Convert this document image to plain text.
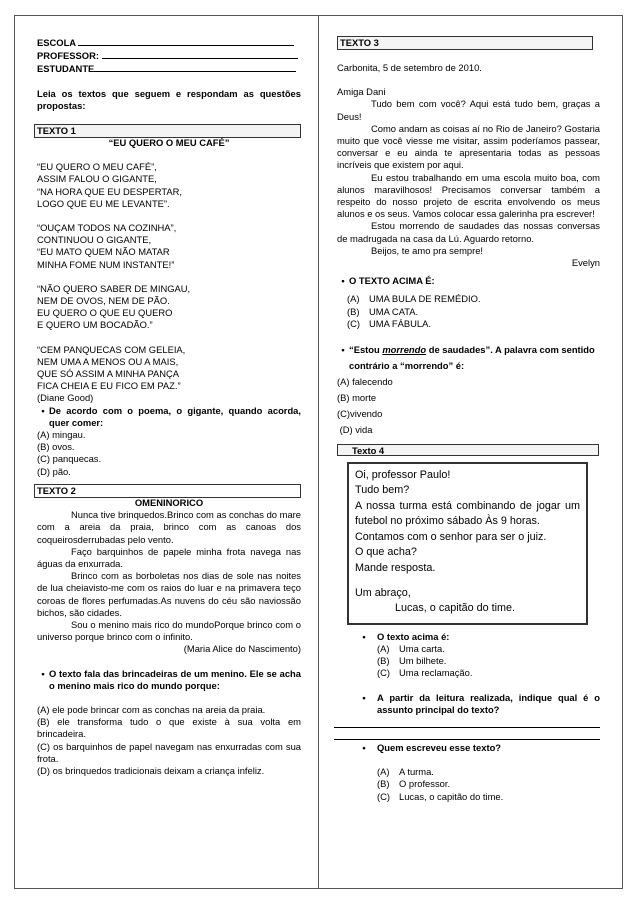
ESCOLA

PROFESSOR:

ESTUDANTE

Leia os textos que seguem e respondam as questões propostas:

TEXTO 1

“EU QUERO O MEU CAFÉ”

“EU QUERO O MEU CAFÉ”,

ASSIM FALOU O GIGANTE,

“NA HORA QUE EU DESPERTAR,

LOGO QUE EU ME LEVANTE”.

“OUÇAM TODOS NA COZINHA”,

CONTINUOU O GIGANTE,

“EU MATO QUEM NÃO MATAR

MINHA FOME NUM INSTANTE!”

“NÃO QUERO SABER DE MINGAU,

NEM DE OVOS, NEM DE PÃO.

EU QUERO O QUE EU QUERO

E QUERO UM BOCADÃO.”

“CEM PANQUECAS COM GELEIA,

NEM UMA A MENOS OU A MAIS,

QUE SÓ ASSIM A MINHA PANÇA

FICA CHEIA E EU FICO EM PAZ.”

(Diane Good)

• De acordo com o poema, o gigante, quando acorda, quer comer:

(A) mingau.

(B) ovos.

(C) panquecas.

(D) pão.

TEXTO 2

OMENINORICO

Nunca tive brinquedos.Brinco com as conchas do mare com a areia da praia, brinco com as canoas dos coqueirosderrubadas pelo vento.

Faço barquinhos de papele minha frota navega nas águas da enxurrada.

Brinco com as borboletas nos dias de sole nas noites de lua cheiavisto-me com os raios do luar e na primavera teço coroas de flores perfumadas.As nuvens do céu são naviossão bichos, são cidades.

Sou o menino mais rico do mundoPorque brinco com o universo porque brinco com o infinito.

(Maria Alice do Nascimento)

• O texto fala das brincadeiras de um menino. Ele se acha o menino mais rico do mundo porque:

(A) ele pode brincar com as conchas na areia da praia.

(B) ele transforma tudo o que existe à sua volta em brincadeira.

(C) os barquinhos de papel navegam nas enxurradas com sua frota.

(D) os brinquedos tradicionais deixam a criança infeliz.

TEXTO 3

Carbonita, 5 de setembro de 2010.

Amiga Dani

Tudo bem com você? Aqui está tudo bem, graças a Deus!

Como andam as coisas aí no Rio de Janeiro? Gostaria muito que você viesse me visitar, assim poderíamos passear, conversar e eu ainda te apresentaria todas as pessoas incríveis que existem por aqui.

Eu estou trabalhando em uma escola muito boa, com alunos maravilhosos! Precisamos conversar também a respeito do nosso projeto de escrita envolvendo os meus alunos e os seus. Vamos colocar essa galerinha pra escrever!

Estou morrendo de saudades das nossas conversas de madrugada na casa da Lú. Aguardo retorno.

Beijos, te amo pra sempre!

Evelyn

• O TEXTO ACIMA É:

(A)	UMA BULA DE REMÉDIO.

(B)	UMA CATA.

(C) UMA FÁBULA.

• “Estou morrendo de saudades”. A palavra com sentido contrário a “morrendo” é:

(A) falecendo

(B) morte

(C)vivendo

(D) vida

Texto 4

Oi, professor Paulo!

Tudo bem?

A nossa turma está combinando de jogar um futebol no próximo sábado Às 9 horas.

Contamos com o senhor para ser o juiz.

O que acha?

Mande resposta.

Um abraço,

Lucas, o capitão do time.

•	O texto acima é:

(A)	Uma carta.

(B)	Um bilhete.

(C) Uma reclamação.

•	A partir da leitura realizada, indique qual é o assunto principal do texto?
•	Quem escreveu esse texto?

(A)	A turma.

(B)	O professor.

(C) Lucas, o capitão do time.
